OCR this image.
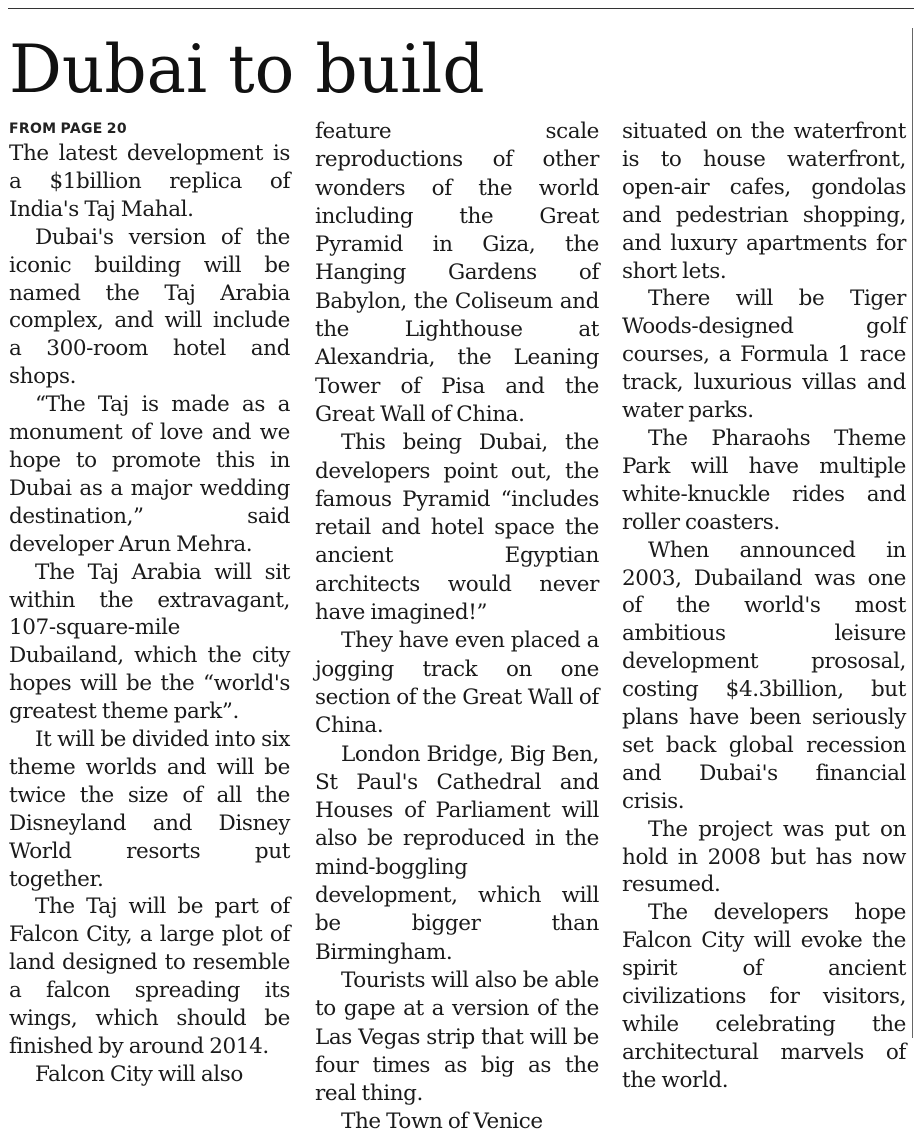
Dubai to build

FROM PAGE 20

The latest development is a $1billion replica of India's Taj Mahal.

Dubai's version of the iconic building will be named the Taj Arabia complex, and will include a 300-room hotel and shops.

“The Taj is made as a monument of love and we hope to promote this in Dubai as a major wedding destination,” said developer Arun Mehra.

The Taj Arabia will sit within the extravagant, 107-square-mile Dubailand, which the city hopes will be the “world's greatest theme park”.

It will be divided into six theme worlds and will be twice the size of all the Disneyland and Disney World resorts put together.

The Taj will be part of Falcon City, a large plot of land designed to resemble a falcon spreading its wings, which should be finished by around 2014.

Falcon City will also

feature scale reproductions of other wonders of the world including the Great Pyramid in Giza, the Hanging Gardens of Babylon, the Coliseum and the Lighthouse at Alexandria, the Leaning Tower of Pisa and the Great Wall of China.

This being Dubai, the developers point out, the famous Pyramid “includes retail and hotel space the ancient Egyptian architects would never have imagined!”

They have even placed a jogging track on one section of the Great Wall of China.

London Bridge, Big Ben, St Paul's Cathedral and Houses of Parliament will also be reproduced in the mind-boggling development, which will be bigger than Birmingham.

Tourists will also be able to gape at a version of the Las Vegas strip that will be four times as big as the real thing.

The Town of Venice

situated on the waterfront is to house waterfront, open-air cafes, gondolas and pedestrian shopping, and luxury apartments for short lets.

There will be Tiger Woods-designed golf courses, a Formula 1 race track, luxurious villas and water parks.

The Pharaohs Theme Park will have multiple white-knuckle rides and roller coasters.

When announced in 2003, Dubailand was one of the world's most ambitious leisure development prososal, costing $4.3billion, but plans have been seriously set back global recession and Dubai's financial crisis.

The project was put on hold in 2008 but has now resumed.

The developers hope Falcon City will evoke the spirit of ancient civilizations for visitors, while celebrating the architectural marvels of the world.
